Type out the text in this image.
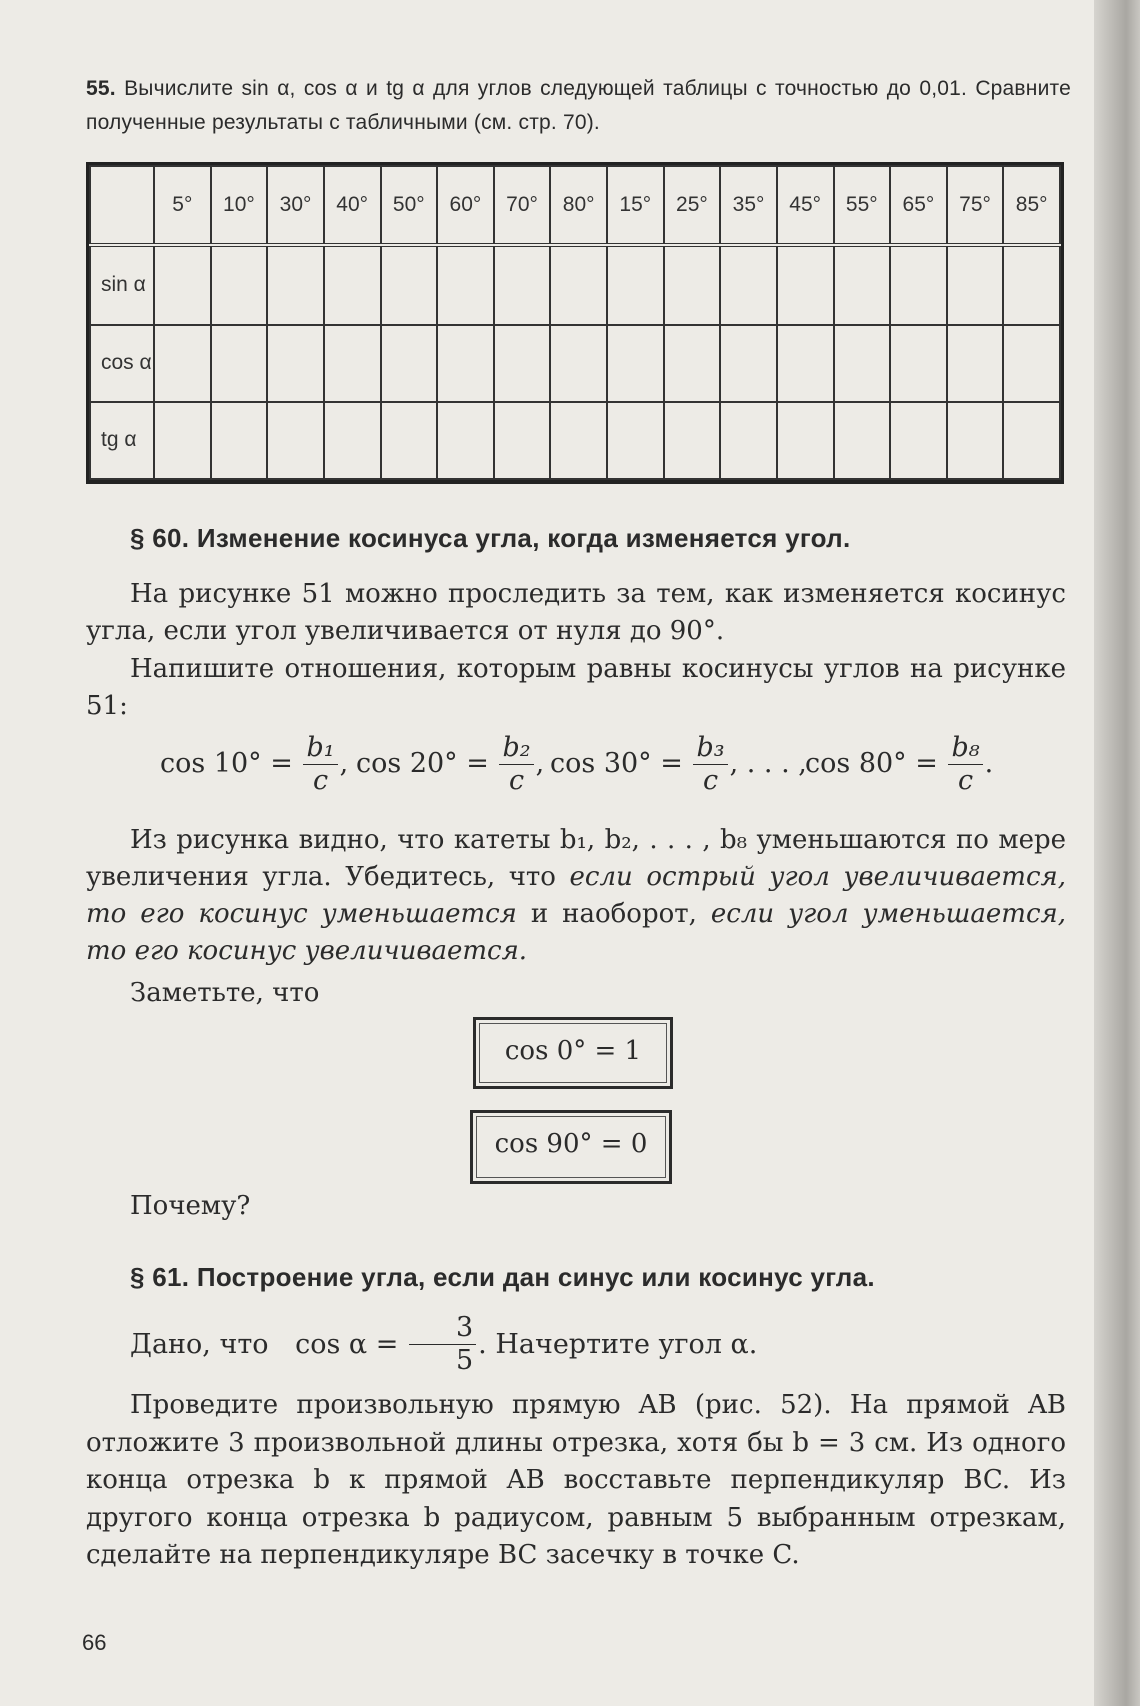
55. Вычислите sin α, cos α и tg α для углов следующей таблицы с точностью до 0,01. Сравните полученные результаты с табличными (см. стр. 70).
	5°	10°	30°	40°	50°	60°	70°	80°	15°	25°	35°	45°	55°	65°	75°	85°
sin α																
cos α																
tg α																
§ 60. Изменение косинуса угла, когда изменяется угол.
На рисунке 51 можно проследить за тем, как изменяется косинус угла, если угол увеличивается от нуля до 90°.
Напишите отношения, которым равны косинусы углов на рисунке 51:
$\cos 10^\circ = \frac{\text{b₁}}{c}$ , $\cos 20^\circ = \frac{\text{b₂}}{c}$ , $\cos 30^\circ = \frac{\text{b₃}}{c}$ , . . . ,
$\cos 80^\circ = \frac{\text{b₈}}{c}$ .
Из рисунка видно, что катеты b₁, b₂, . . . , b₈ уменьшаются по мере увеличения угла. Убедитесь, что если острый угол увеличивается, то его косинус уменьшается и наоборот, если угол уменьшается, то его косинус увеличивается.
Заметьте, что
cos 0° = 1
cos 90° = 0
Почему?
§ 61. Построение угла, если дан синус или косинус угла.
Дано, что $\cos \alpha = \frac{3}{5}$ . Начертите угол α.
Проведите произвольную прямую AB (рис. 52). На прямой AB отложите 3 произвольной длины отрезка, хотя бы b = 3 см. Из одного конца отрезка b к прямой AB восставьте перпендикуляр BC. Из другого конца отрезка b радиусом, равным 5 выбранным отрезкам, сделайте на перпендикуляре BC засечку в точке C.
66
